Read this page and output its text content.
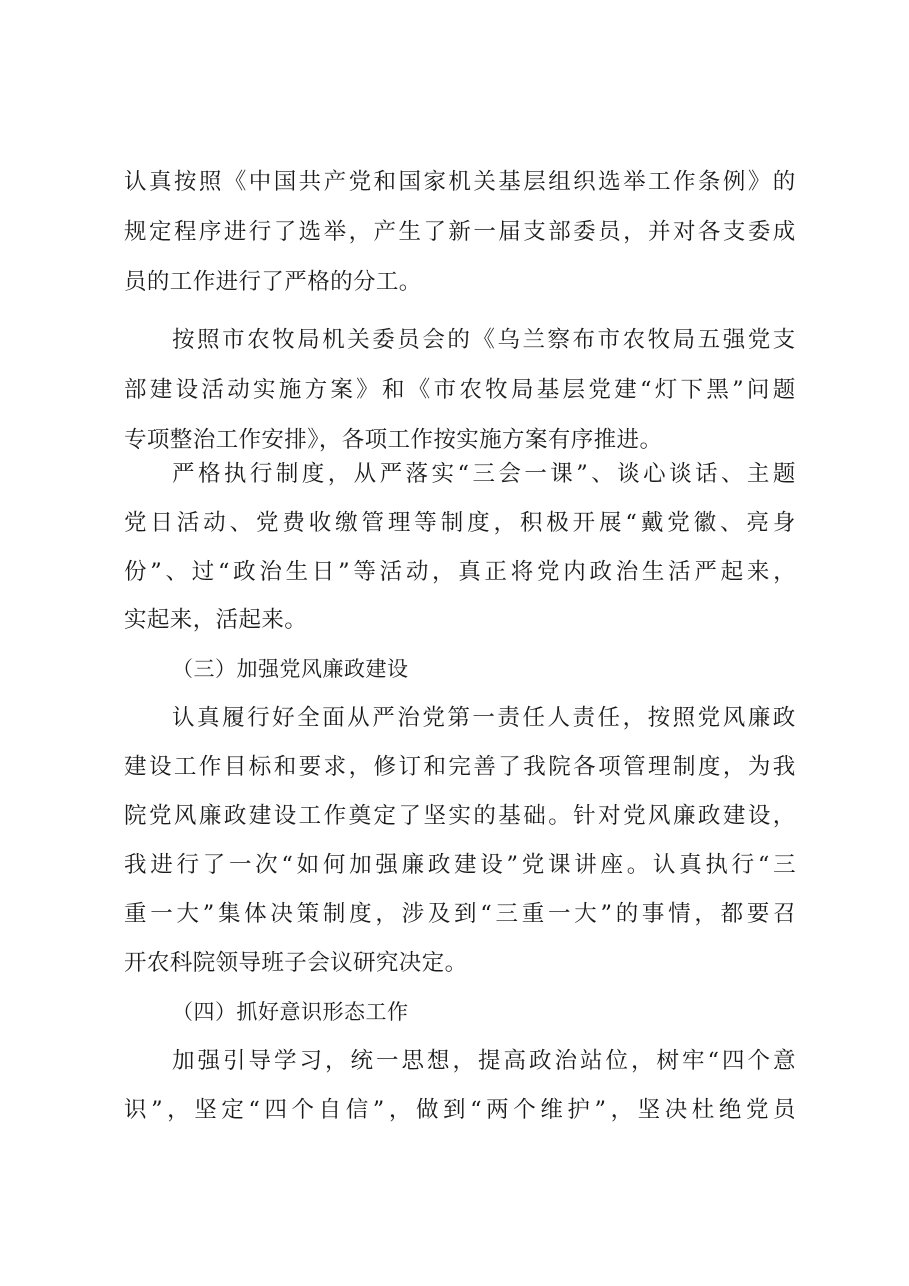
认 真 按 照 《 中 国 共 产 党 和 国 家 机 关 基 层 组 织 选 举 工 作 条 例 》 的
规 定 程 序 进 行 了 选 举 ， 产 生 了 新 一 届 支 部 委 员 ， 并 对 各 支 委 成
员的工作进行了严格的分工。
按 照 市 农 牧 局 机 关 委 员 会 的 《 乌 兰 察 布 市 农 牧 局 五 强 党 支
部 建 设 活 动 实 施 方 案 》 和 《 市 农 牧 局 基 层 党 建 “ 灯 下 黑 ” 问 题
专项整治工作安排》，各项工作按实施方案有序推进。
严 格 执 行 制 度 ， 从 严 落 实 “ 三 会 一 课 ” 、 谈 心 谈 话 、 主 题
党 日 活 动 、 党 费 收 缴 管 理 等 制 度 ， 积 极 开 展 “ 戴 党 徽 、 亮 身
份 ” 、 过 “ 政 治 生 日 ” 等 活 动 ， 真 正 将 党 内 政 治 生 活 严 起 来 ，
实起来，活起来。
（三）加强党风廉政建设
认 真 履 行 好 全 面 从 严 治 党 第 一 责 任 人 责 任 ， 按 照 党 风 廉 政
建 设 工 作 目 标 和 要 求 ， 修 订 和 完 善 了 我 院 各 项 管 理 制 度 ， 为 我
院 党 风 廉 政 建 设 工 作 奠 定 了 坚 实 的 基 础 。 针 对 党 风 廉 政 建 设 ，
我 进 行 了 一 次 “ 如 何 加 强 廉 政 建 设 ” 党 课 讲 座 。 认 真 执 行 “ 三
重 一 大 ” 集 体 决 策 制 度 ， 涉 及 到 “ 三 重 一 大 ” 的 事 情 ， 都 要 召
开农科院领导班子会议研究决定。
（四）抓好意识形态工作
加 强 引 导 学 习 ， 统 一 思 想 ， 提 高 政 治 站 位 ， 树 牢 “ 四 个 意
识 ” ， 坚 定 “ 四 个 自 信 ” ， 做 到 “ 两 个 维 护 ” ， 坚 决 杜 绝 党 员
